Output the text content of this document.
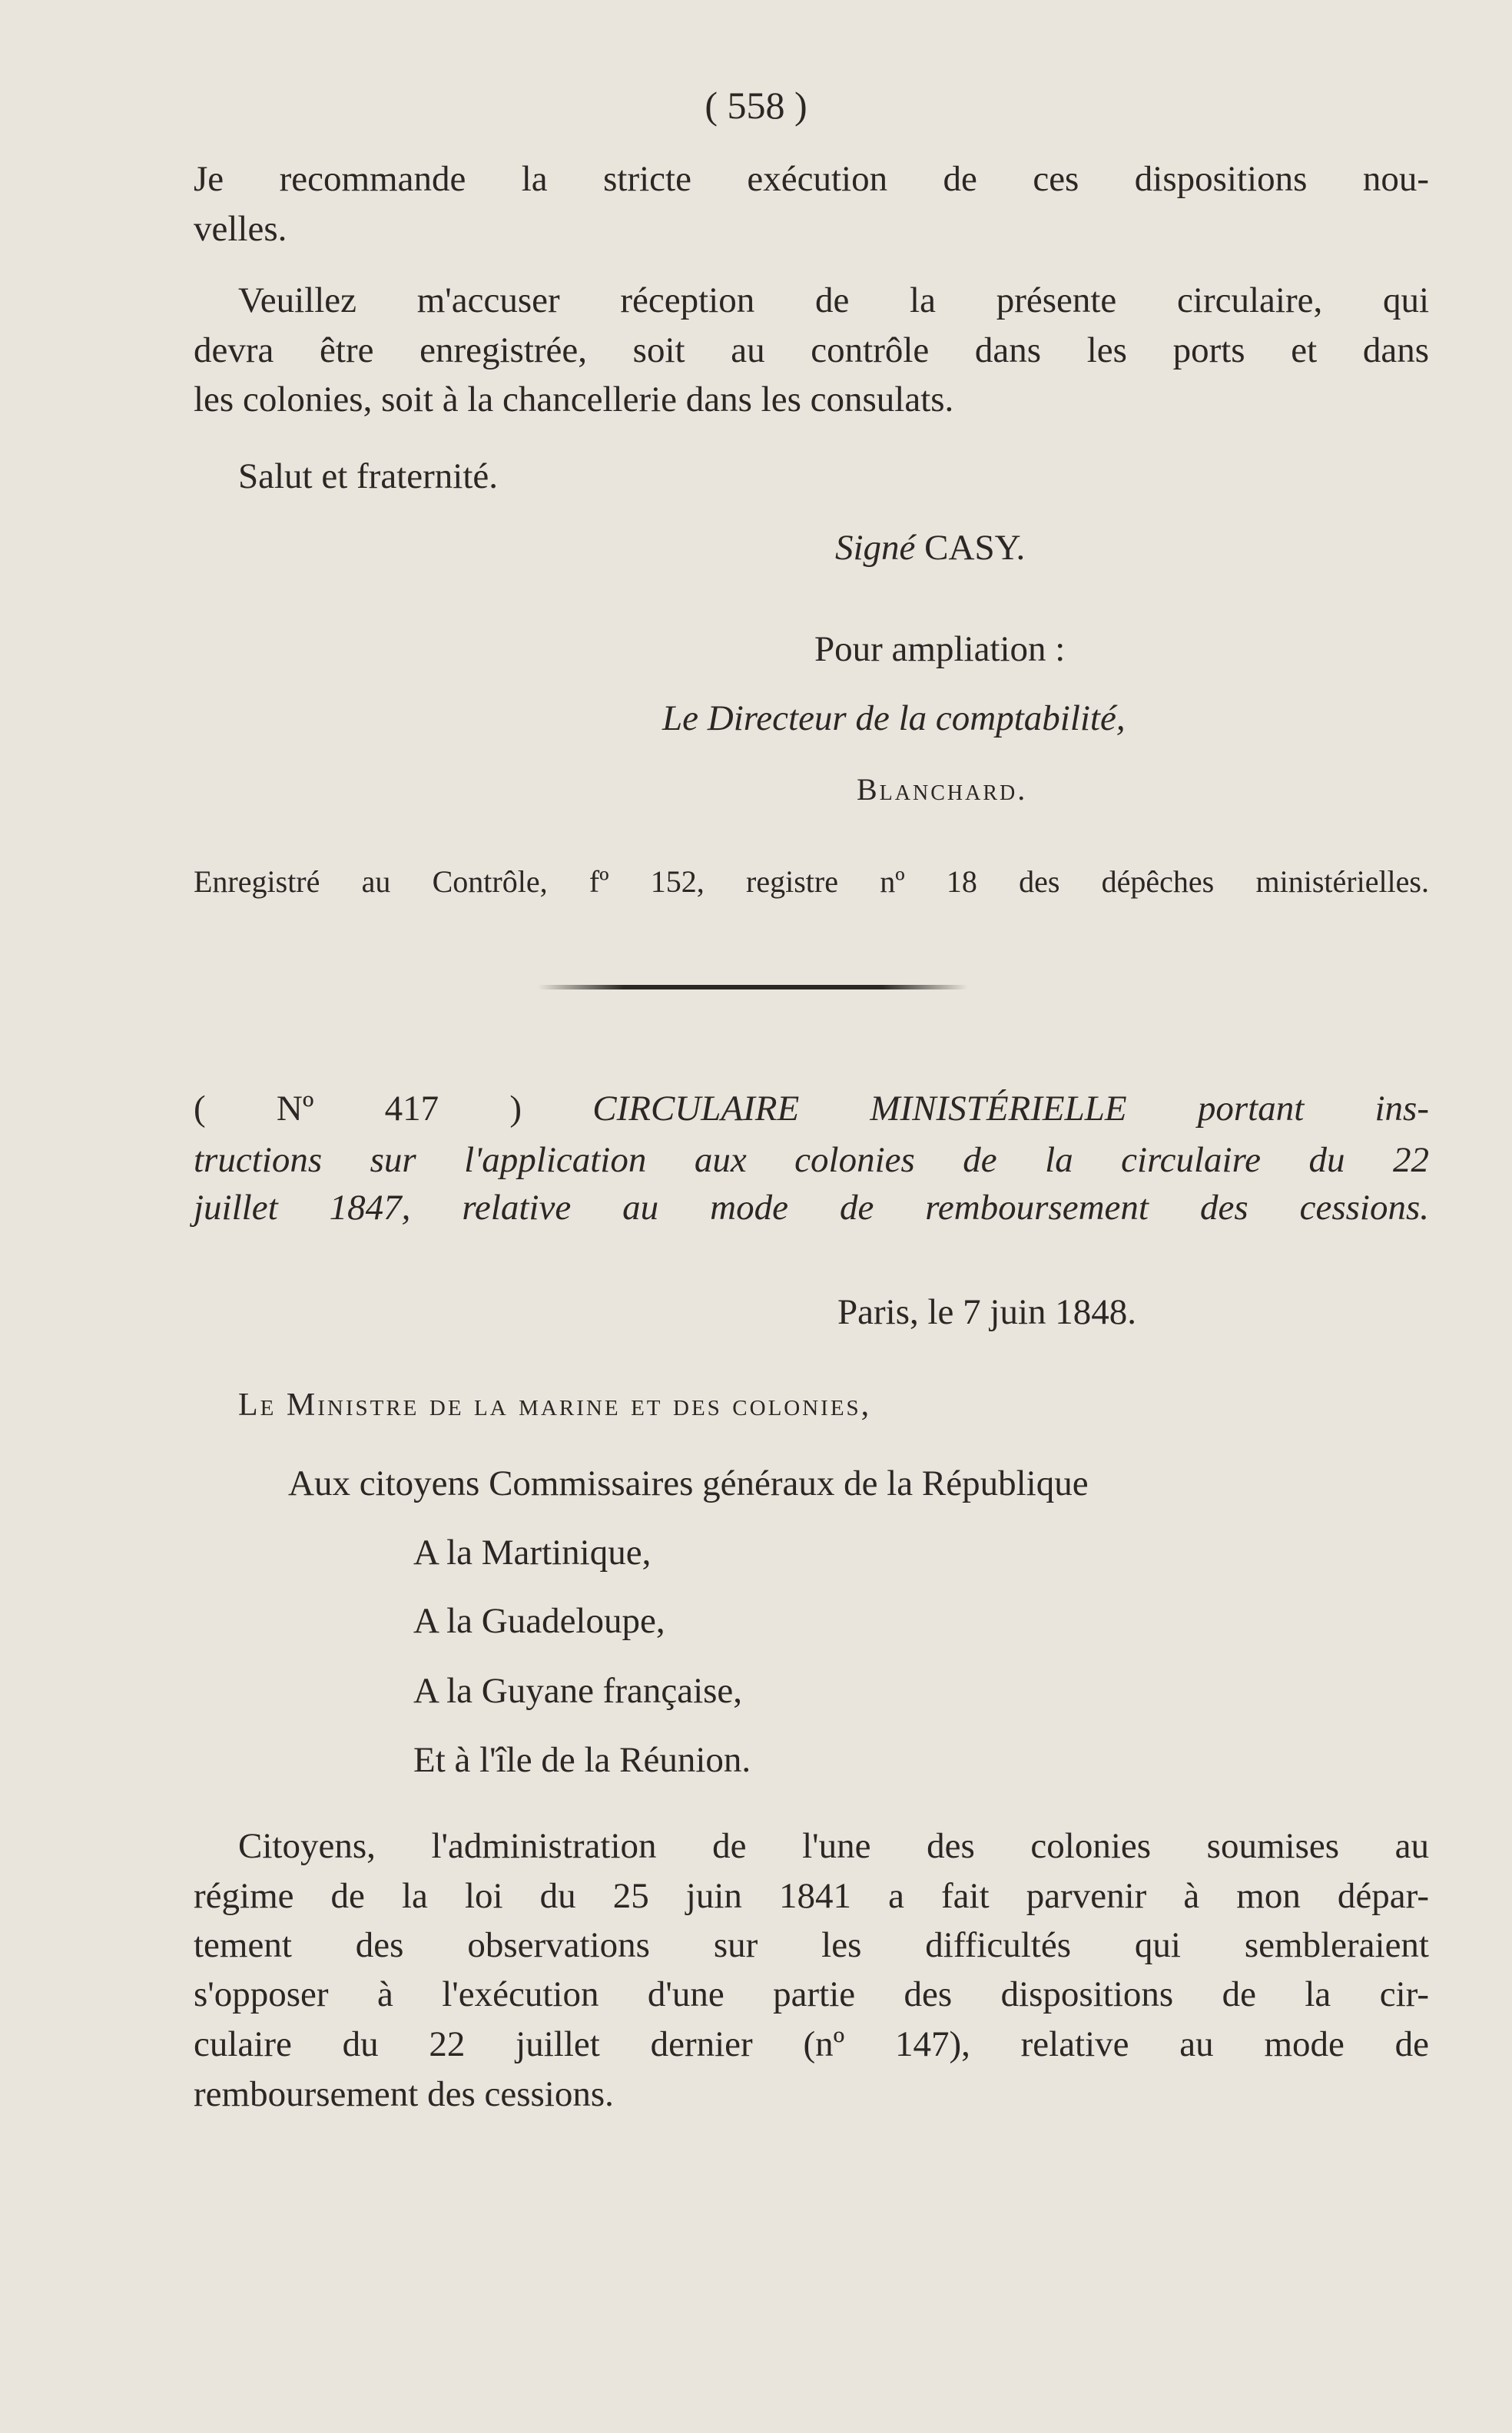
( 558 )

Je recommande la stricte exécution de ces dispositions nou-

velles.

Veuillez m'accuser réception de la présente circulaire, qui

devra être enregistrée, soit au contrôle dans les ports et dans

les colonies, soit à la chancellerie dans les consulats.

Salut et fraternité.

Signé CASY.

Pour ampliation :

Le Directeur de la comptabilité,

Blanchard.

Enregistré au Contrôle, fº 152, registre nº 18 des dépêches ministérielles.

( Nº 417 ) CIRCULAIRE MINISTÉRIELLE portant ins-

tructions sur l'application aux colonies de la circulaire du 22

juillet 1847, relative au mode de remboursement des cessions.

Paris, le 7 juin 1848.

Le Ministre de la marine et des colonies,

Aux citoyens Commissaires généraux de la République

A la Martinique,

A la Guadeloupe,

A la Guyane française,

Et à l'île de la Réunion.

Citoyens, l'administration de l'une des colonies soumises au

régime de la loi du 25 juin 1841 a fait parvenir à mon dépar-

tement des observations sur les difficultés qui sembleraient

s'opposer à l'exécution d'une partie des dispositions de la cir-

culaire du 22 juillet dernier (nº 147), relative au mode de

remboursement des cessions.
